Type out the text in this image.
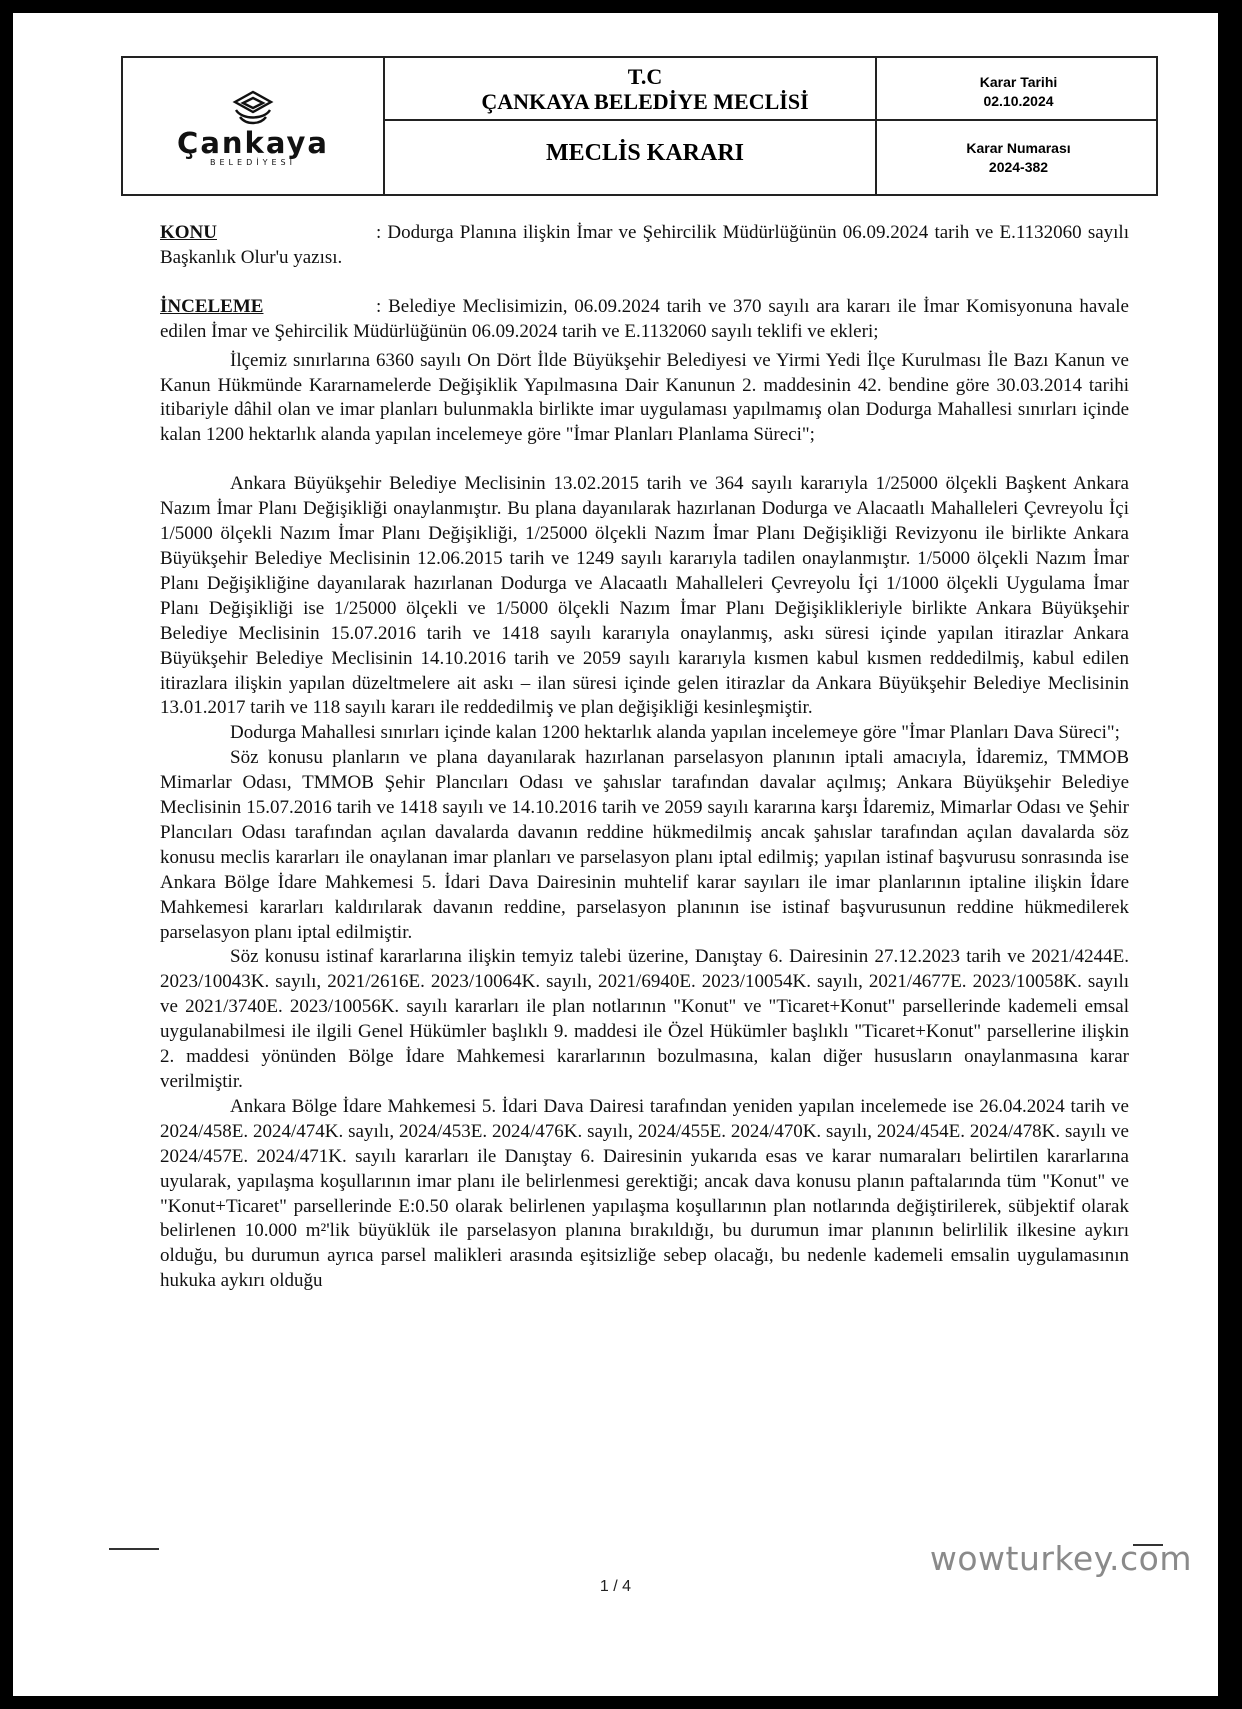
Çankaya
BELEDİYESİ
T.C
ÇANKAYA BELEDİYE MECLİSİ
MECLİS KARARI
Karar Tarihi
02.10.2024
Karar Numarası
2024-382

KONU	: Dodurga Planına ilişkin İmar ve Şehircilik Müdürlüğünün 06.09.2024 tarih ve E.1132060 sayılı Başkanlık Olur'u yazısı.

İNCELEME	: Belediye Meclisimizin, 06.09.2024 tarih ve 370 sayılı ara kararı ile İmar Komisyonuna havale edilen İmar ve Şehircilik Müdürlüğünün 06.09.2024 tarih ve E.1132060 sayılı teklifi ve ekleri;

İlçemiz sınırlarına 6360 sayılı On Dört İlde Büyükşehir Belediyesi ve Yirmi Yedi İlçe Kurulması İle Bazı Kanun ve Kanun Hükmünde Kararnamelerde Değişiklik Yapılmasına Dair Kanunun 2. maddesinin 42. bendine göre 30.03.2014 tarihi itibariyle dâhil olan ve imar planları bulunmakla birlikte imar uygulaması yapılmamış olan Dodurga Mahallesi sınırları içinde kalan 1200 hektarlık alanda yapılan incelemeye göre "İmar Planları Planlama Süreci";

Ankara Büyükşehir Belediye Meclisinin 13.02.2015 tarih ve 364 sayılı kararıyla 1/25000 ölçekli Başkent Ankara Nazım İmar Planı Değişikliği onaylanmıştır. Bu plana dayanılarak hazırlanan Dodurga ve Alacaatlı Mahalleleri Çevreyolu İçi 1/5000 ölçekli Nazım İmar Planı Değişikliği, 1/25000 ölçekli Nazım İmar Planı Değişikliği Revizyonu ile birlikte Ankara Büyükşehir Belediye Meclisinin 12.06.2015 tarih ve 1249 sayılı kararıyla tadilen onaylanmıştır. 1/5000 ölçekli Nazım İmar Planı Değişikliğine dayanılarak hazırlanan Dodurga ve Alacaatlı Mahalleleri Çevreyolu İçi 1/1000 ölçekli Uygulama İmar Planı Değişikliği ise 1/25000 ölçekli ve 1/5000 ölçekli Nazım İmar Planı Değişiklikleriyle birlikte Ankara Büyükşehir Belediye Meclisinin 15.07.2016 tarih ve 1418 sayılı kararıyla onaylanmış, askı süresi içinde yapılan itirazlar Ankara Büyükşehir Belediye Meclisinin 14.10.2016 tarih ve 2059 sayılı kararıyla kısmen kabul kısmen reddedilmiş, kabul edilen itirazlara ilişkin yapılan düzeltmelere ait askı – ilan süresi içinde gelen itirazlar da Ankara Büyükşehir Belediye Meclisinin 13.01.2017 tarih ve 118 sayılı kararı ile reddedilmiş ve plan değişikliği kesinleşmiştir.

Dodurga Mahallesi sınırları içinde kalan 1200 hektarlık alanda yapılan incelemeye göre "İmar Planları Dava Süreci";

Söz konusu planların ve plana dayanılarak hazırlanan parselasyon planının iptali amacıyla, İdaremiz, TMMOB Mimarlar Odası, TMMOB Şehir Plancıları Odası ve şahıslar tarafından davalar açılmış; Ankara Büyükşehir Belediye Meclisinin 15.07.2016 tarih ve 1418 sayılı ve 14.10.2016 tarih ve 2059 sayılı kararına karşı İdaremiz, Mimarlar Odası ve Şehir Plancıları Odası tarafından açılan davalarda davanın reddine hükmedilmiş ancak şahıslar tarafından açılan davalarda söz konusu meclis kararları ile onaylanan imar planları ve parselasyon planı iptal edilmiş; yapılan istinaf başvurusu sonrasında ise Ankara Bölge İdare Mahkemesi 5. İdari Dava Dairesinin muhtelif karar sayıları ile imar planlarının iptaline ilişkin İdare Mahkemesi kararları kaldırılarak davanın reddine, parselasyon planının ise istinaf başvurusunun reddine hükmedilerek parselasyon planı iptal edilmiştir.

Söz konusu istinaf kararlarına ilişkin temyiz talebi üzerine, Danıştay 6. Dairesinin 27.12.2023 tarih ve 2021/4244E. 2023/10043K. sayılı, 2021/2616E. 2023/10064K. sayılı, 2021/6940E. 2023/10054K. sayılı, 2021/4677E. 2023/10058K. sayılı ve 2021/3740E. 2023/10056K. sayılı kararları ile plan notlarının "Konut" ve "Ticaret+Konut" parsellerinde kademeli emsal uygulanabilmesi ile ilgili Genel Hükümler başlıklı 9. maddesi ile Özel Hükümler başlıklı "Ticaret+Konut" parsellerine ilişkin 2. maddesi yönünden Bölge İdare Mahkemesi kararlarının bozulmasına, kalan diğer hususların onaylanmasına karar verilmiştir.

Ankara Bölge İdare Mahkemesi 5. İdari Dava Dairesi tarafından yeniden yapılan incelemede ise 26.04.2024 tarih ve 2024/458E. 2024/474K. sayılı, 2024/453E. 2024/476K. sayılı, 2024/455E. 2024/470K. sayılı, 2024/454E. 2024/478K. sayılı ve 2024/457E. 2024/471K. sayılı kararları ile Danıştay 6. Dairesinin yukarıda esas ve karar numaraları belirtilen kararlarına uyularak, yapılaşma koşullarının imar planı ile belirlenmesi gerektiği; ancak dava konusu planın paftalarında tüm "Konut" ve "Konut+Ticaret" parsellerinde E:0.50 olarak belirlenen yapılaşma koşullarının plan notlarında değiştirilerek, sübjektif olarak belirlenen 10.000 m²'lik büyüklük ile parselasyon planına bırakıldığı, bu durumun imar planının belirlilik ilkesine aykırı olduğu, bu durumun ayrıca parsel malikleri arasında eşitsizliğe sebep olacağı, bu nedenle kademeli emsalin uygulamasının hukuka aykırı olduğu

wowturkey.com
1 / 4
